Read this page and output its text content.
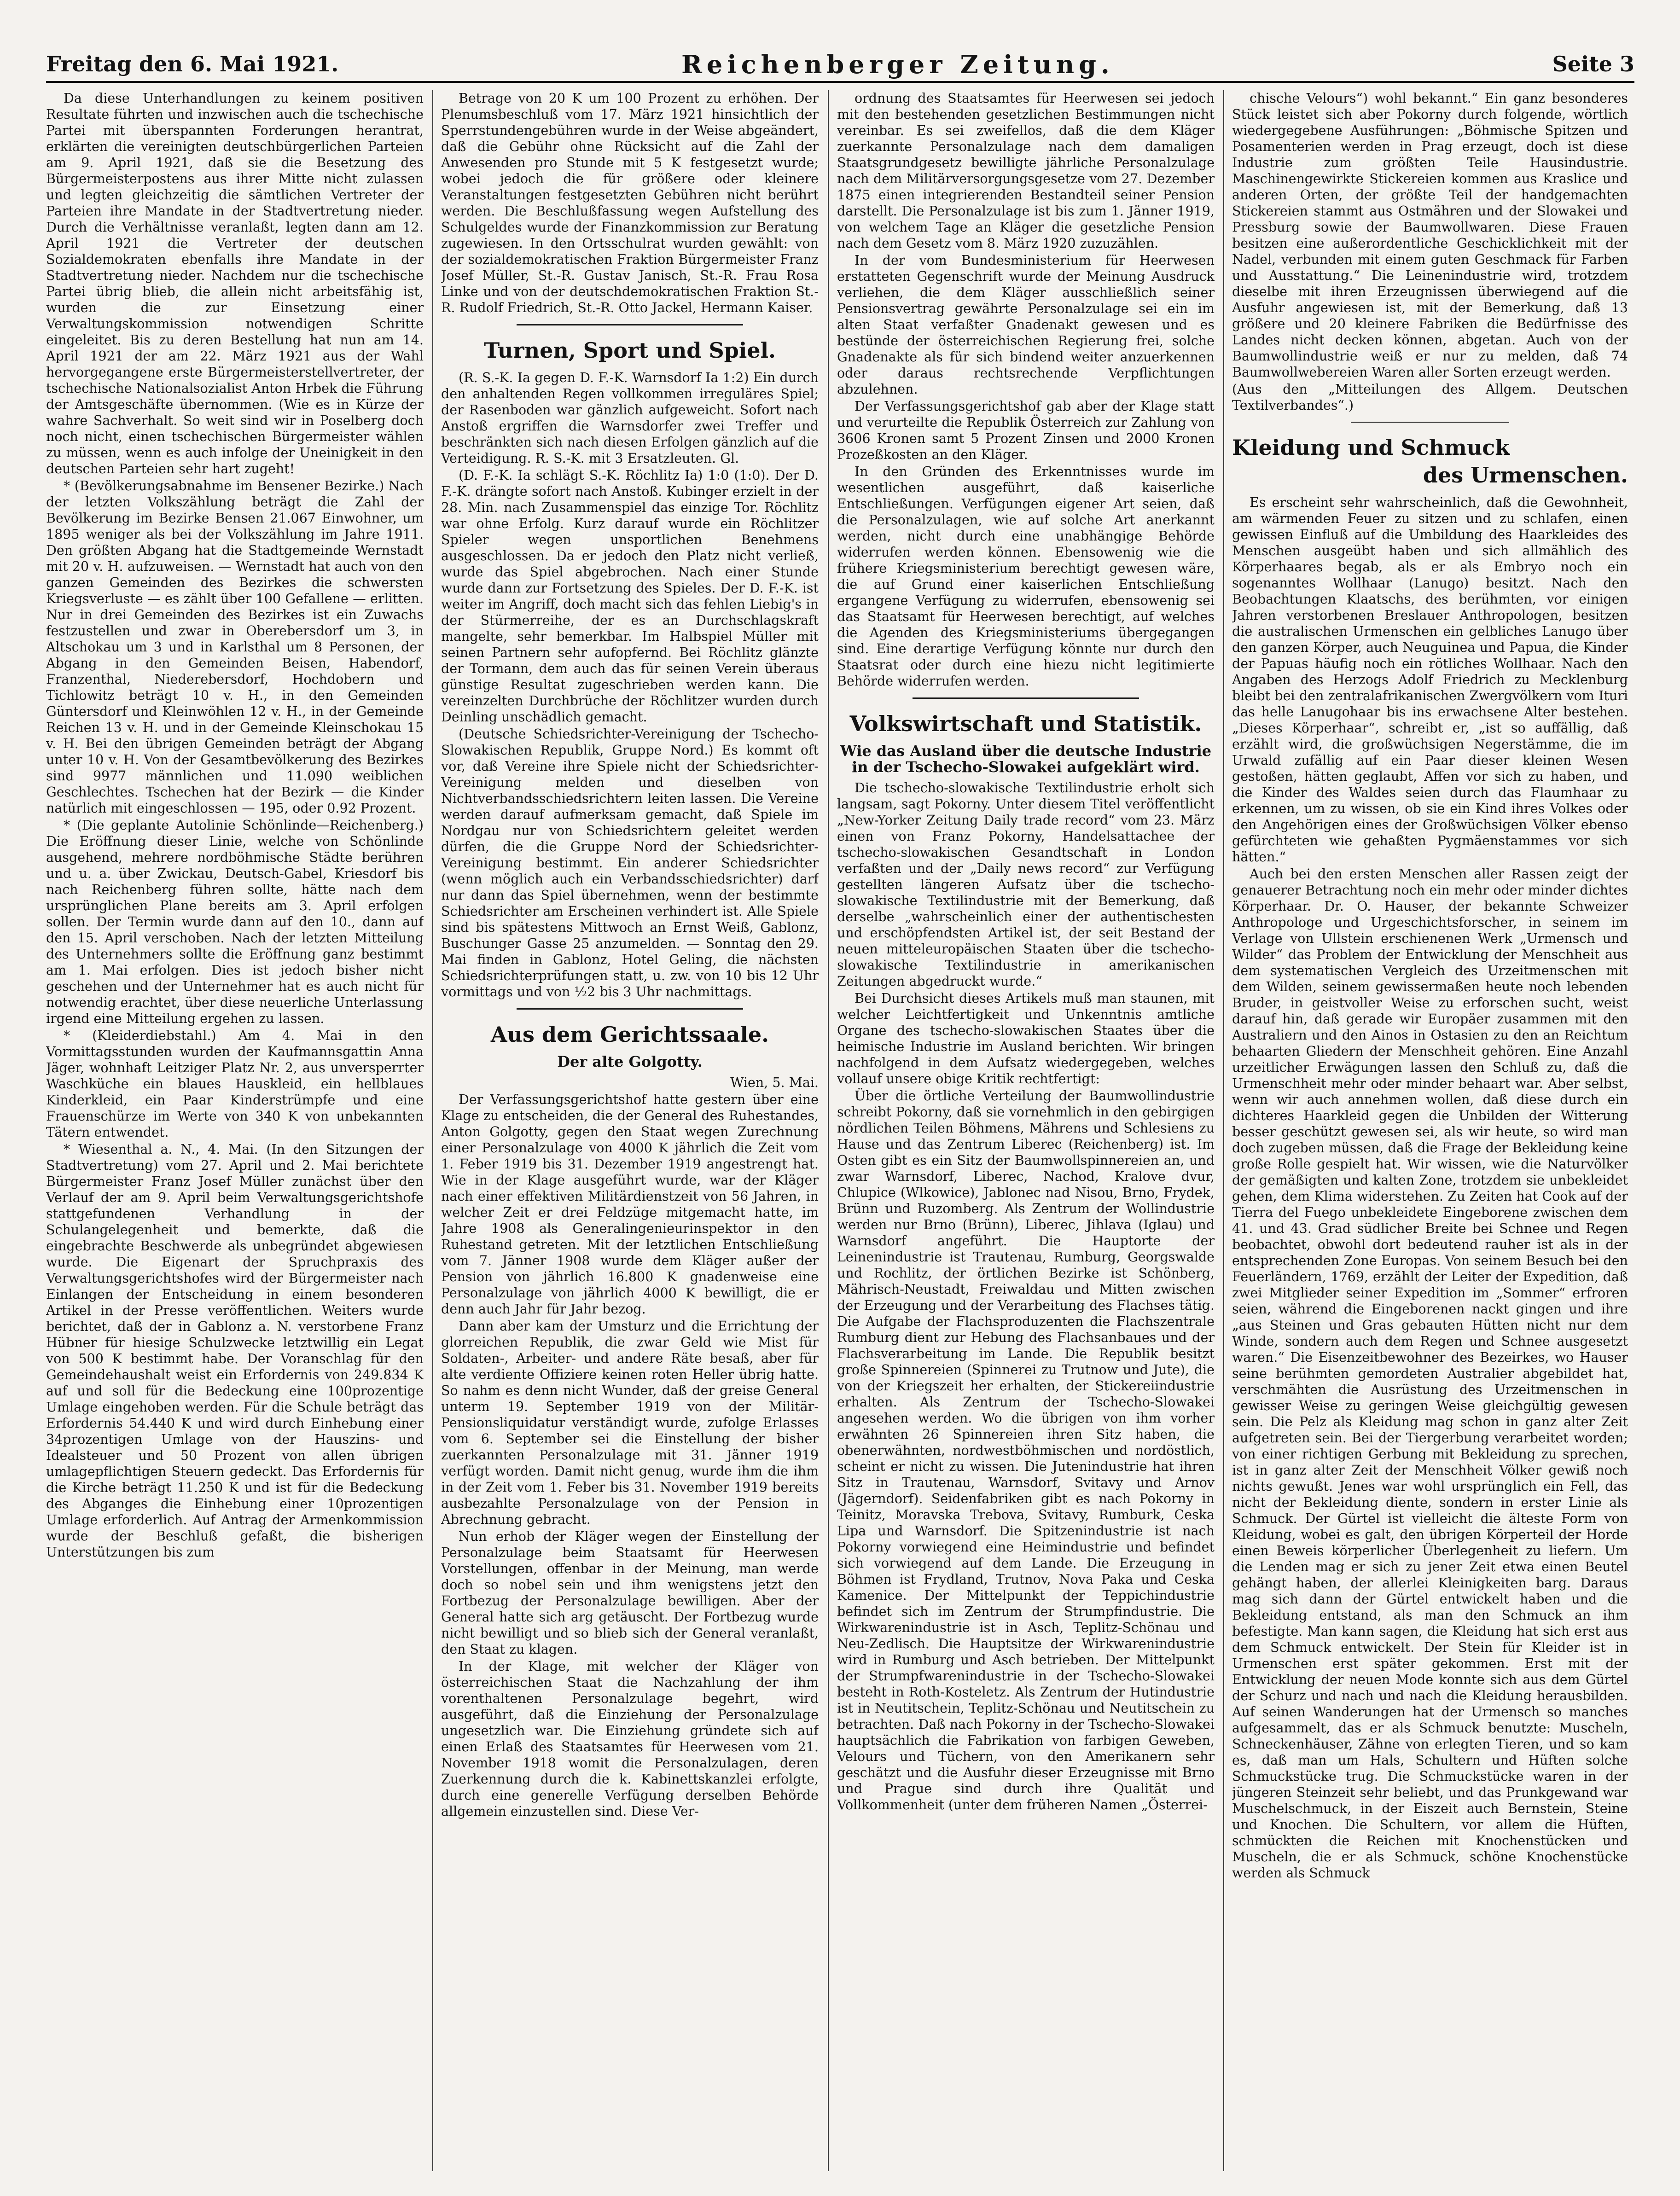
Freitag den 6. Mai 1921.	Reichenberger Zeitung.	Seite 3

Da diese Unterhandlungen zu keinem positiven Resultate führten und inzwischen auch die tschechische Partei mit überspannten Forderungen herantrat, erklärten die vereinigten deutschbürgerlichen Parteien am 9. April 1921, daß sie die Besetzung des Bürgermeisterpostens aus ihrer Mitte nicht zulassen und legten gleichzeitig die sämtlichen Vertreter der Parteien ihre Mandate in der Stadtvertretung nieder. Durch die Verhältnisse veranlaßt, legten dann am 12. April 1921 die Vertreter der deutschen Sozialdemokraten ebenfalls ihre Mandate in der Stadtvertretung nieder. Nachdem nur die tschechische Partei übrig blieb, die allein nicht arbeitsfähig ist, wurden die zur Einsetzung einer Verwaltungskommission notwendigen Schritte eingeleitet. Bis zu deren Bestellung hat nun am 14. April 1921 der am 22. März 1921 aus der Wahl hervorgegangene erste Bürgermeisterstellvertreter, der tschechische Nationalsozialist Anton Hrbek die Führung der Amtsgeschäfte übernommen. (Wie es in Kürze der wahre Sachverhalt. So weit sind wir in Poselberg doch noch nicht, einen tschechischen Bürgermeister wählen zu müssen, wenn es auch infolge der Uneinigkeit in den deutschen Parteien sehr hart zugeht!

* (Bevölkerungsabnahme im Bensener Bezirke.) Nach der letzten Volkszählung beträgt die Zahl der Bevölkerung im Bezirke Bensen 21.067 Einwohner, um 1895 weniger als bei der Volkszählung im Jahre 1911. Den größten Abgang hat die Stadtgemeinde Wernstadt mit 20 v. H. aufzuweisen. — Wernstadt hat auch von den ganzen Gemeinden des Bezirkes die schwersten Kriegsverluste — es zählt über 100 Gefallene — erlitten. Nur in drei Gemeinden des Bezirkes ist ein Zuwachs festzustellen und zwar in Oberebersdorf um 3, in Altschokau um 3 und in Karlsthal um 8 Personen, der Abgang in den Gemeinden Beisen, Habendorf, Franzenthal, Niederebersdorf, Hochdobern und Tichlowitz beträgt 10 v. H., in den Gemeinden Güntersdorf und Kleinwöhlen 12 v. H., in der Gemeinde Reichen 13 v. H. und in der Gemeinde Kleinschokau 15 v. H. Bei den übrigen Gemeinden beträgt der Abgang unter 10 v. H. Von der Gesamtbevölkerung des Bezirkes sind 9977 männlichen und 11.090 weiblichen Geschlechtes. Tschechen hat der Bezirk — die Kinder natürlich mit eingeschlossen — 195, oder 0.92 Prozent.

* (Die geplante Autolinie Schönlinde—Reichenberg.) Die Eröffnung dieser Linie, welche von Schönlinde ausgehend, mehrere nordböhmische Städte berühren und u. a. über Zwickau, Deutsch-Gabel, Kriesdorf bis nach Reichenberg führen sollte, hätte nach dem ursprünglichen Plane bereits am 3. April erfolgen sollen. Der Termin wurde dann auf den 10., dann auf den 15. April verschoben. Nach der letzten Mitteilung des Unternehmers sollte die Eröffnung ganz bestimmt am 1. Mai erfolgen. Dies ist jedoch bisher nicht geschehen und der Unternehmer hat es auch nicht für notwendig erachtet, über diese neuerliche Unterlassung irgend eine Mitteilung ergehen zu lassen.

* (Kleiderdiebstahl.) Am 4. Mai in den Vormittagsstunden wurden der Kaufmannsgattin Anna Jäger, wohnhaft Leitziger Platz Nr. 2, aus unversperrter Waschküche ein blaues Hauskleid, ein hellblaues Kinderkleid, ein Paar Kinderstrümpfe und eine Frauenschürze im Werte von 340 K von unbekannten Tätern entwendet.

* Wiesenthal a. N., 4. Mai. (In den Sitzungen der Stadtvertretung) vom 27. April und 2. Mai berichtete Bürgermeister Franz Josef Müller zunächst über den Verlauf der am 9. April beim Verwaltungsgerichtshofe stattgefundenen Verhandlung in der Schulangelegenheit und bemerkte, daß die eingebrachte Beschwerde als unbegründet abgewiesen wurde. Die Eigenart der Spruchpraxis des Verwaltungsgerichtshofes wird der Bürgermeister nach Einlangen der Entscheidung in einem besonderen Artikel in der Presse veröffentlichen. Weiters wurde berichtet, daß der in Gablonz a. N. verstorbene Franz Hübner für hiesige Schulzwecke letztwillig ein Legat von 500 K bestimmt habe. Der Voranschlag für den Gemeindehaushalt weist ein Erfordernis von 249.834 K auf und soll für die Bedeckung eine 100prozentige Umlage eingehoben werden. Für die Schule beträgt das Erfordernis 54.440 K und wird durch Einhebung einer 34prozentigen Umlage von der Hauszins- und Idealsteuer und 50 Prozent von allen übrigen umlagepflichtigen Steuern gedeckt. Das Erfordernis für die Kirche beträgt 11.250 K und ist für die Bedeckung des Abganges die Einhebung einer 10prozentigen Umlage erforderlich. Auf Antrag der Armenkommission wurde der Beschluß gefaßt, die bisherigen Unterstützungen bis zum

Betrage von 20 K um 100 Prozent zu erhöhen. Der Plenumsbeschluß vom 17. März 1921 hinsichtlich der Sperrstundengebühren wurde in der Weise abgeändert, daß die Gebühr ohne Rücksicht auf die Zahl der Anwesenden pro Stunde mit 5 K festgesetzt wurde; wobei jedoch die für größere oder kleinere Veranstaltungen festgesetzten Gebühren nicht berührt werden. Die Beschlußfassung wegen Aufstellung des Schulgeldes wurde der Finanzkommission zur Beratung zugewiesen. In den Ortsschulrat wurden gewählt: von der sozialdemokratischen Fraktion Bürgermeister Franz Josef Müller, St.-R. Gustav Janisch, St.-R. Frau Rosa Linke und von der deutschdemokratischen Fraktion St.-R. Rudolf Friedrich, St.-R. Otto Jackel, Hermann Kaiser.

Turnen, Sport und Spiel.

(R. S.-K. Ia gegen D. F.-K. Warnsdorf Ia 1:2) Ein durch den anhaltenden Regen vollkommen irreguläres Spiel; der Rasenboden war gänzlich aufgeweicht. Sofort nach Anstoß ergriffen die Warnsdorfer zwei Treffer und beschränkten sich nach diesen Erfolgen gänzlich auf die Verteidigung. R. S.-K. mit 3 Ersatzleuten. Gl.

(D. F.-K. Ia schlägt S.-K. Röchlitz Ia) 1:0 (1:0). Der D. F.-K. drängte sofort nach Anstoß. Kubinger erzielt in der 28. Min. nach Zusammenspiel das einzige Tor. Röchlitz war ohne Erfolg. Kurz darauf wurde ein Röchlitzer Spieler wegen unsportlichen Benehmens ausgeschlossen. Da er jedoch den Platz nicht verließ, wurde das Spiel abgebrochen. Nach einer Stunde wurde dann zur Fortsetzung des Spieles. Der D. F.-K. ist weiter im Angriff, doch macht sich das fehlen Liebig's in der Stürmerreihe, der es an Durchschlagskraft mangelte, sehr bemerkbar. Im Halbspiel Müller mit seinen Partnern sehr aufopfernd. Bei Röchlitz glänzte der Tormann, dem auch das für seinen Verein überaus günstige Resultat zugeschrieben werden kann. Die vereinzelten Durchbrüche der Röchlitzer wurden durch Deinling unschädlich gemacht.

(Deutsche Schiedsrichter-Vereinigung der Tschecho-Slowakischen Republik, Gruppe Nord.) Es kommt oft vor, daß Vereine ihre Spiele nicht der Schiedsrichter-Vereinigung melden und dieselben von Nichtverbandsschiedsrichtern leiten lassen. Die Vereine werden darauf aufmerksam gemacht, daß Spiele im Nordgau nur von Schiedsrichtern geleitet werden dürfen, die die Gruppe Nord der Schiedsrichter-Vereinigung bestimmt. Ein anderer Schiedsrichter (wenn möglich auch ein Verbandsschiedsrichter) darf nur dann das Spiel übernehmen, wenn der bestimmte Schiedsrichter am Erscheinen verhindert ist. Alle Spiele sind bis spätestens Mittwoch an Ernst Weiß, Gablonz, Buschunger Gasse 25 anzumelden. — Sonntag den 29. Mai finden in Gablonz, Hotel Geling, die nächsten Schiedsrichterprüfungen statt, u. zw. von 10 bis 12 Uhr vormittags und von ½2 bis 3 Uhr nachmittags.

Aus dem Gerichtssaale.

Der alte Golgotty.

Wien, 5. Mai.

Der Verfassungsgerichtshof hatte gestern über eine Klage zu entscheiden, die der General des Ruhestandes, Anton Golgotty, gegen den Staat wegen Zurechnung einer Personalzulage von 4000 K jährlich die Zeit vom 1. Feber 1919 bis 31. Dezember 1919 angestrengt hat. Wie in der Klage ausgeführt wurde, war der Kläger nach einer effektiven Militärdienstzeit von 56 Jahren, in welcher Zeit er drei Feldzüge mitgemacht hatte, im Jahre 1908 als Generalingenieurinspektor in den Ruhestand getreten. Mit der letztlichen Entschließung vom 7. Jänner 1908 wurde dem Kläger außer der Pension von jährlich 16.800 K gnadenweise eine Personalzulage von jährlich 4000 K bewilligt, die er denn auch Jahr für Jahr bezog.

Dann aber kam der Umsturz und die Errichtung der glorreichen Republik, die zwar Geld wie Mist für Soldaten-, Arbeiter- und andere Räte besaß, aber für alte verdiente Offiziere keinen roten Heller übrig hatte. So nahm es denn nicht Wunder, daß der greise General unterm 19. September 1919 von der Militär-Pensionsliquidatur verständigt wurde, zufolge Erlasses vom 6. September sei die Einstellung der bisher zuerkannten Personalzulage mit 31. Jänner 1919 verfügt worden. Damit nicht genug, wurde ihm die ihm in der Zeit vom 1. Feber bis 31. November 1919 bereits ausbezahlte Personalzulage von der Pension in Abrechnung gebracht.

Nun erhob der Kläger wegen der Einstellung der Personalzulage beim Staatsamt für Heerwesen Vorstellungen, offenbar in der Meinung, man werde doch so nobel sein und ihm wenigstens jetzt den Fortbezug der Personalzulage bewilligen. Aber der General hatte sich arg getäuscht. Der Fortbezug wurde nicht bewilligt und so blieb sich der General veranlaßt, den Staat zu klagen.

In der Klage, mit welcher der Kläger von österreichischen Staat die Nachzahlung der ihm vorenthaltenen Personalzulage begehrt, wird ausgeführt, daß die Einziehung der Personalzulage ungesetzlich war. Die Einziehung gründete sich auf einen Erlaß des Staatsamtes für Heerwesen vom 21. November 1918 womit die Personalzulagen, deren Zuerkennung durch die k. Kabinettskanzlei erfolgte, durch eine generelle Verfügung derselben Behörde allgemein einzustellen sind. Diese Ver-

ordnung des Staatsamtes für Heerwesen sei jedoch mit den bestehenden gesetzlichen Bestimmungen nicht vereinbar. Es sei zweifellos, daß die dem Kläger zuerkannte Personalzulage nach dem damaligen Staatsgrundgesetz bewilligte jährliche Personalzulage nach dem Militärversorgungsgesetze vom 27. Dezember 1875 einen integrierenden Bestandteil seiner Pension darstellt. Die Personalzulage ist bis zum 1. Jänner 1919, von welchem Tage an Kläger die gesetzliche Pension nach dem Gesetz vom 8. März 1920 zuzuzählen.

In der vom Bundesministerium für Heerwesen erstatteten Gegenschrift wurde der Meinung Ausdruck verliehen, die dem Kläger ausschließlich seiner Pensionsvertrag gewährte Personalzulage sei ein im alten Staat verfaßter Gnadenakt gewesen und es bestünde der österreichischen Regierung frei, solche Gnadenakte als für sich bindend weiter anzuerkennen oder daraus rechtsrechende Verpflichtungen abzulehnen.

Der Verfassungsgerichtshof gab aber der Klage statt und verurteilte die Republik Österreich zur Zahlung von 3606 Kronen samt 5 Prozent Zinsen und 2000 Kronen Prozeßkosten an den Kläger.

In den Gründen des Erkenntnisses wurde im wesentlichen ausgeführt, daß kaiserliche Entschließungen. Verfügungen eigener Art seien, daß die Personalzulagen, wie auf solche Art anerkannt werden, nicht durch eine unabhängige Behörde widerrufen werden können. Ebensowenig wie die frühere Kriegsministerium berechtigt gewesen wäre, die auf Grund einer kaiserlichen Entschließung ergangene Verfügung zu widerrufen, ebensowenig sei das Staatsamt für Heerwesen berechtigt, auf welches die Agenden des Kriegsministeriums übergegangen sind. Eine derartige Verfügung könnte nur durch den Staatsrat oder durch eine hiezu nicht legitimierte Behörde widerrufen werden.

Volkswirtschaft und Statistik.

Wie das Ausland über die deutsche Industrie in der Tschecho-Slowakei aufgeklärt wird.

Die tschecho-slowakische Textilindustrie erholt sich langsam, sagt Pokorny. Unter diesem Titel veröffentlicht „New-Yorker Zeitung Daily trade record“ vom 23. März einen von Franz Pokorny, Handelsattachee der tschecho-slowakischen Gesandtschaft in London verfaßten und der „Daily news record“ zur Verfügung gestellten längeren Aufsatz über die tschecho-slowakische Textilindustrie mit der Bemerkung, daß derselbe „wahrscheinlich einer der authentischesten und erschöpfendsten Artikel ist, der seit Bestand der neuen mitteleuropäischen Staaten über die tschecho-slowakische Textilindustrie in amerikanischen Zeitungen abgedruckt wurde.“

Bei Durchsicht dieses Artikels muß man staunen, mit welcher Leichtfertigkeit und Unkenntnis amtliche Organe des tschecho-slowakischen Staates über die heimische Industrie im Ausland berichten. Wir bringen nachfolgend in dem Aufsatz wiedergegeben, welches vollauf unsere obige Kritik rechtfertigt:

Über die örtliche Verteilung der Baumwollindustrie schreibt Pokorny, daß sie vornehmlich in den gebirgigen nördlichen Teilen Böhmens, Mährens und Schlesiens zu Hause und das Zentrum Liberec (Reichenberg) ist. Im Osten gibt es ein Sitz der Baumwollspinnereien an, und zwar Warnsdorf, Liberec, Nachod, Kralove dvur, Chlupice (Wlkowice), Jablonec nad Nisou, Brno, Frydek, Brünn und Ruzomberg. Als Zentrum der Wollindustrie werden nur Brno (Brünn), Liberec, Jihlava (Iglau) und Warnsdorf angeführt. Die Hauptorte der Leinenindustrie ist Trautenau, Rumburg, Georgswalde und Rochlitz, der örtlichen Bezirke ist Schönberg, Mährisch-Neustadt, Freiwaldau und Mitten zwischen der Erzeugung und der Verarbeitung des Flachses tätig. Die Aufgabe der Flachsproduzenten die Flachszentrale Rumburg dient zur Hebung des Flachsanbaues und der Flachsverarbeitung im Lande. Die Republik besitzt große Spinnereien (Spinnerei zu Trutnow und Jute), die von der Kriegszeit her erhalten, der Stickereiindustrie erhalten. Als Zentrum der Tschecho-Slowakei angesehen werden. Wo die übrigen von ihm vorher erwähnten 26 Spinnereien ihren Sitz haben, die obenerwähnten, nordwestböhmischen und nordöstlich, scheint er nicht zu wissen. Die Jutenindustrie hat ihren Sitz in Trautenau, Warnsdorf, Svitavy und Arnov (Jägerndorf). Seidenfabriken gibt es nach Pokorny in Teinitz, Moravska Trebova, Svitavy, Rumburk, Ceska Lipa und Warnsdorf. Die Spitzenindustrie ist nach Pokorny vorwiegend eine Heimindustrie und befindet sich vorwiegend auf dem Lande. Die Erzeugung in Böhmen ist Frydland, Trutnov, Nova Paka und Ceska Kamenice. Der Mittelpunkt der Teppichindustrie befindet sich im Zentrum der Strumpfindustrie. Die Wirkwarenindustrie ist in Asch, Teplitz-Schönau und Neu-Zedlisch. Die Hauptsitze der Wirkwarenindustrie wird in Rumburg und Asch betrieben. Der Mittelpunkt der Strumpfwarenindustrie in der Tschecho-Slowakei besteht in Roth-Kosteletz. Als Zentrum der Hutindustrie ist in Neutitschein, Teplitz-Schönau und Neutitschein zu betrachten. Daß nach Pokorny in der Tschecho-Slowakei hauptsächlich die Fabrikation von farbigen Geweben, Velours und Tüchern, von den Amerikanern sehr geschätzt und die Ausfuhr dieser Erzeugnisse mit Brno und Prague sind durch ihre Qualität und Vollkommenheit (unter dem früheren Namen „Österrei-

chische Velours“) wohl bekannt.“ Ein ganz besonderes Stück leistet sich aber Pokorny durch folgende, wörtlich wiedergegebene Ausführungen: „Böhmische Spitzen und Posamenterien werden in Prag erzeugt, doch ist diese Industrie zum größten Teile Hausindustrie. Maschinengewirkte Stickereien kommen aus Kraslice und anderen Orten, der größte Teil der handgemachten Stickereien stammt aus Ostmähren und der Slowakei und Pressburg sowie der Baumwollwaren. Diese Frauen besitzen eine außerordentliche Geschicklichkeit mit der Nadel, verbunden mit einem guten Geschmack für Farben und Ausstattung.“ Die Leinenindustrie wird, trotzdem dieselbe mit ihren Erzeugnissen überwiegend auf die Ausfuhr angewiesen ist, mit der Bemerkung, daß 13 größere und 20 kleinere Fabriken die Bedürfnisse des Landes nicht decken können, abgetan. Auch von der Baumwollindustrie weiß er nur zu melden, daß 74 Baumwollwebereien Waren aller Sorten erzeugt werden.

(Aus den „Mitteilungen des Allgem. Deutschen Textilverbandes“.)

Kleidung und Schmuck

des Urmenschen.

Es erscheint sehr wahrscheinlich, daß die Gewohnheit, am wärmenden Feuer zu sitzen und zu schlafen, einen gewissen Einfluß auf die Umbildung des Haarkleides des Menschen ausgeübt haben und sich allmählich des Körperhaares begab, als er als Embryo noch ein sogenanntes Wollhaar (Lanugo) besitzt. Nach den Beobachtungen Klaatschs, des berühmten, vor einigen Jahren verstorbenen Breslauer Anthropologen, besitzen die australischen Urmenschen ein gelbliches Lanugo über den ganzen Körper, auch Neuguinea und Papua, die Kinder der Papuas häufig noch ein rötliches Wollhaar. Nach den Angaben des Herzogs Adolf Friedrich zu Mecklenburg bleibt bei den zentralafrikanischen Zwergvölkern vom Ituri das helle Lanugohaar bis ins erwachsene Alter bestehen. „Dieses Körperhaar“, schreibt er, „ist so auffällig, daß erzählt wird, die großwüchsigen Negerstämme, die im Urwald zufällig auf ein Paar dieser kleinen Wesen gestoßen, hätten geglaubt, Affen vor sich zu haben, und die Kinder des Waldes seien durch das Flaumhaar zu erkennen, um zu wissen, ob sie ein Kind ihres Volkes oder den Angehörigen eines der Großwüchsigen Völker ebenso gefürchteten wie gehaßten Pygmäenstammes vor sich hätten.“

Auch bei den ersten Menschen aller Rassen zeigt der genauerer Betrachtung noch ein mehr oder minder dichtes Körperhaar. Dr. O. Hauser, der bekannte Schweizer Anthropologe und Urgeschichtsforscher, in seinem im Verlage von Ullstein erschienenen Werk „Urmensch und Wilder“ das Problem der Entwicklung der Menschheit aus dem systematischen Vergleich des Urzeitmenschen mit dem Wilden, seinem gewissermaßen heute noch lebenden Bruder, in geistvoller Weise zu erforschen sucht, weist darauf hin, daß gerade wir Europäer zusammen mit den Australiern und den Ainos in Ostasien zu den an Reichtum behaarten Gliedern der Menschheit gehören. Eine Anzahl urzeitlicher Erwägungen lassen den Schluß zu, daß die Urmenschheit mehr oder minder behaart war. Aber selbst, wenn wir auch annehmen wollen, daß diese durch ein dichteres Haarkleid gegen die Unbilden der Witterung besser geschützt gewesen sei, als wir heute, so wird man doch zugeben müssen, daß die Frage der Bekleidung keine große Rolle gespielt hat. Wir wissen, wie die Naturvölker der gemäßigten und kalten Zone, trotzdem sie unbekleidet gehen, dem Klima widerstehen. Zu Zeiten hat Cook auf der Tierra del Fuego unbekleidete Eingeborene zwischen dem 41. und 43. Grad südlicher Breite bei Schnee und Regen beobachtet, obwohl dort bedeutend rauher ist als in der entsprechenden Zone Europas. Von seinem Besuch bei den Feuerländern, 1769, erzählt der Leiter der Expedition, daß zwei Mitglieder seiner Expedition im „Sommer“ erfroren seien, während die Eingeborenen nackt gingen und ihre „aus Steinen und Gras gebauten Hütten nicht nur dem Winde, sondern auch dem Regen und Schnee ausgesetzt waren.“ Die Eisenzeitbewohner des Bezeirkes, wo Hauser seine berühmten gemordeten Australier abgebildet hat, verschmähten die Ausrüstung des Urzeitmenschen in gewisser Weise zu geringen Weise gleichgültig gewesen sein. Die Pelz als Kleidung mag schon in ganz alter Zeit aufgetreten sein. Bei der Tiergerbung verarbeitet worden; von einer richtigen Gerbung mit Bekleidung zu sprechen, ist in ganz alter Zeit der Menschheit Völker gewiß noch nichts gewußt. Jenes war wohl ursprünglich ein Fell, das nicht der Bekleidung diente, sondern in erster Linie als Schmuck. Der Gürtel ist vielleicht die älteste Form von Kleidung, wobei es galt, den übrigen Körperteil der Horde einen Beweis körperlicher Überlegenheit zu liefern. Um die Lenden mag er sich zu jener Zeit etwa einen Beutel gehängt haben, der allerlei Kleinigkeiten barg. Daraus mag sich dann der Gürtel entwickelt haben und die Bekleidung entstand, als man den Schmuck an ihm befestigte. Man kann sagen, die Kleidung hat sich erst aus dem Schmuck entwickelt. Der Stein für Kleider ist in Urmenschen erst später gekommen. Erst mit der Entwicklung der neuen Mode konnte sich aus dem Gürtel der Schurz und nach und nach die Kleidung herausbilden. Auf seinen Wanderungen hat der Urmensch so manches aufgesammelt, das er als Schmuck benutzte: Muscheln, Schneckenhäuser, Zähne von erlegten Tieren, und so kam es, daß man um Hals, Schultern und Hüften solche Schmuckstücke trug. Die Schmuckstücke waren in der jüngeren Steinzeit sehr beliebt, und das Prunkgewand war Muschelschmuck, in der Eiszeit auch Bernstein, Steine und Knochen. Die Schultern, vor allem die Hüften, schmückten die Reichen mit Knochenstücken und Muscheln, die er als Schmuck, schöne Knochenstücke werden als Schmuck
